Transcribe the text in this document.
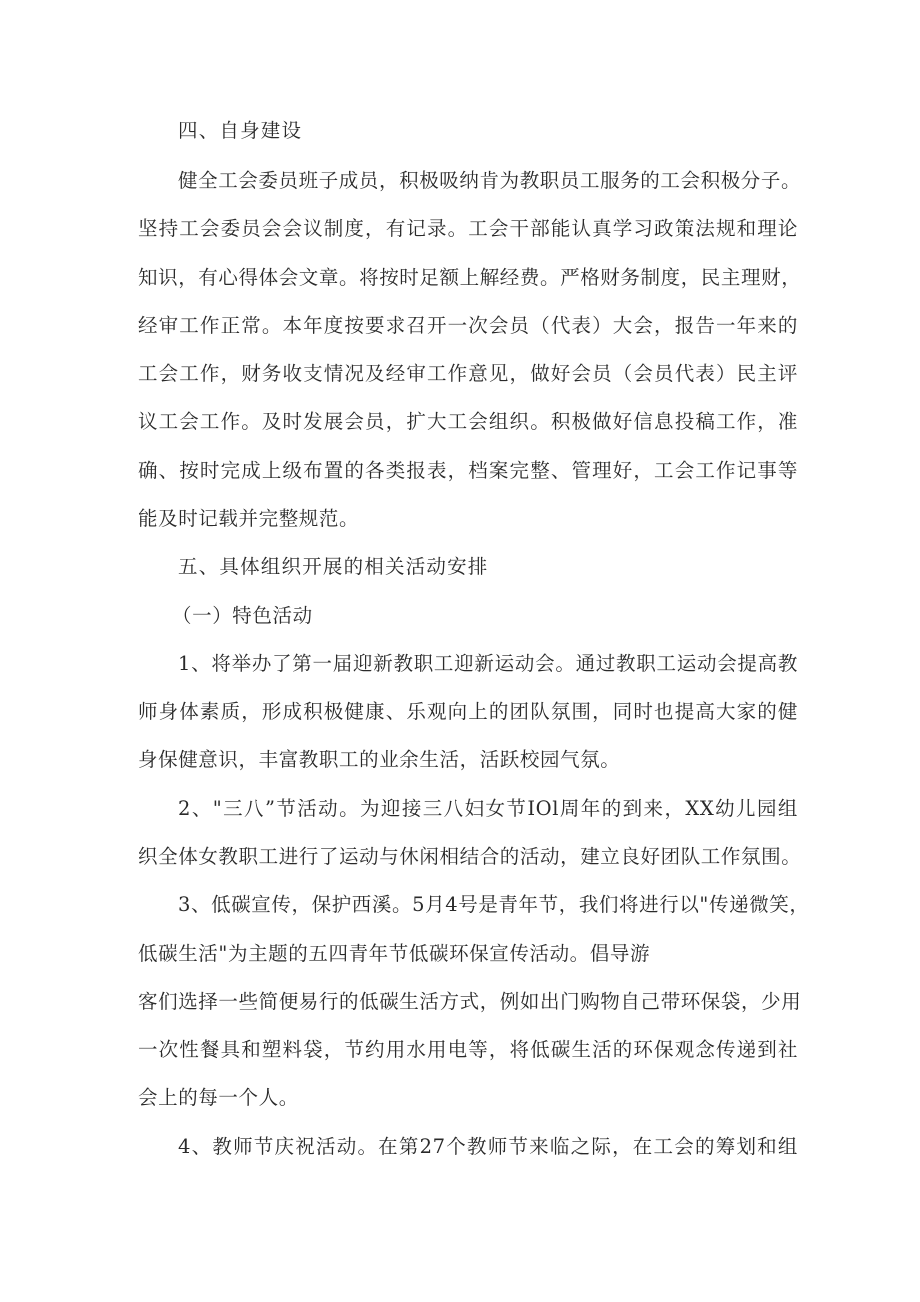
四、自身建设
健全工会委员班子成员，积极吸纳肯为教职员工服务的工会积极分子。
坚持工会委员会会议制度，有记录。工会干部能认真学习政策法规和理论
知识，有心得体会文章。将按时足额上解经费。严格财务制度，民主理财，
经审工作正常。本年度按要求召开一次会员（代表）大会，报告一年来的
工会工作，财务收支情况及经审工作意见，做好会员（会员代表）民主评
议工会工作。及时发展会员，扩大工会组织。积极做好信息投稿工作，准
确、按时完成上级布置的各类报表，档案完整、管理好，工会工作记事等
能及时记载并完整规范。
五、具体组织开展的相关活动安排
（一）特色活动
1、将举办了第一届迎新教职工迎新运动会。通过教职工运动会提高教
师身体素质，形成积极健康、乐观向上的团队氛围，同时也提高大家的健
身保健意识，丰富教职工的业余生活，活跃校园气氛。
2、"三八”节活动。为迎接三八妇女节IOl周年的到来，XX幼儿园组
织全体女教职工进行了运动与休闲相结合的活动，建立良好团队工作氛围。
3、低碳宣传，保护西溪。5月4号是青年节，我们将进行以"传递微笑，
低碳生活"为主题的五四青年节低碳环保宣传活动。倡导游
客们选择一些简便易行的低碳生活方式，例如出门购物自己带环保袋，少用
一次性餐具和塑料袋，节约用水用电等，将低碳生活的环保观念传递到社
会上的每一个人。
4、教师节庆祝活动。在第27个教师节来临之际，在工会的筹划和组
